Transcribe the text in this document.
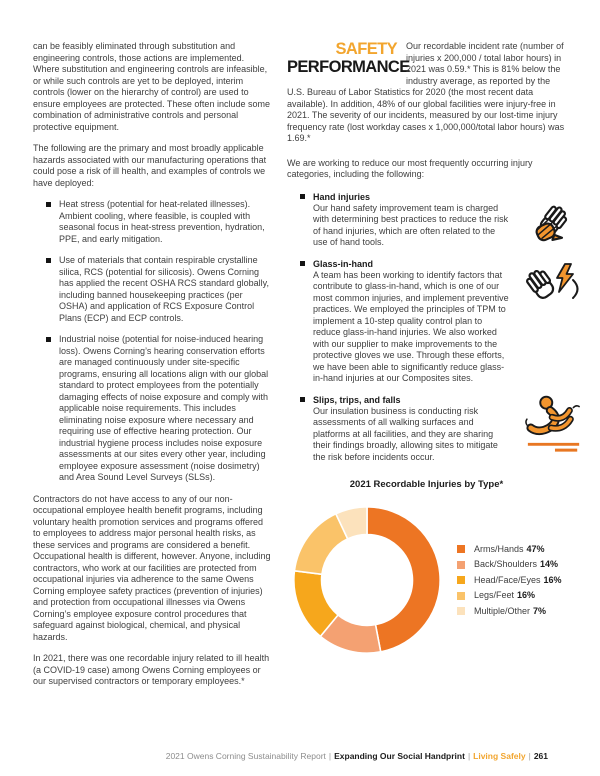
can be feasibly eliminated through substitution and engineering controls, those actions are implemented. Where substitution and engineering controls are infeasible, or while such controls are yet to be deployed, interim controls (lower on the hierarchy of control) are used to ensure employees are protected. These often include some combination of administrative controls and personal protective equipment.

The following are the primary and most broadly applicable hazards associated with our manufacturing operations that could pose a risk of ill health, and examples of controls we have deployed:

Heat stress (potential for heat-related illnesses). Ambient cooling, where feasible, is coupled with seasonal focus in heat-stress prevention, hydration, PPE, and early mitigation.
Use of materials that contain respirable crystalline silica, RCS (potential for silicosis). Owens Corning has applied the recent OSHA RCS standard globally, including banned housekeeping practices (per OSHA) and application of RCS Exposure Control Plans (ECP) and ECP controls.
Industrial noise (potential for noise-induced hearing loss). Owens Corning’s hearing conservation efforts are managed continuously under site-specific programs, ensuring all locations align with our global standard to protect employees from the potentially damaging effects of noise exposure and comply with applicable noise requirements. This includes eliminating noise exposure where necessary and requiring use of effective hearing protection. Our industrial hygiene process includes noise exposure assessments at our sites every other year, including employee exposure assessment (noise dosimetry) and Area Sound Level Surveys (SLSs).

Contractors do not have access to any of our non-occupational employee health benefit programs, including voluntary health promotion services and programs offered to employees to address major personal health risks, as these services and programs are considered a benefit. Occupational health is different, however. Anyone, including contractors, who work at our facilities are protected from occupational injuries via adherence to the same Owens Corning employee safety practices (prevention of injuries) and protection from occupational illnesses via Owens Corning’s employee exposure control procedures that safeguard against biological, chemical, and physical hazards.

In 2021, there was one recordable injury related to ill health (a COVID-19 case) among Owens Corning employees or our supervised contractors or temporary employees.*

SAFETY
PERFORMANCE

Our recordable incident rate (number of injuries x 200,000 / total labor hours) in 2021 was 0.59.* This is 81% below the industry average, as reported by the U.S. Bureau of Labor Statistics for 2020 (the most recent data available). In addition, 48% of our global facilities were injury-free in 2021. The severity of our incidents, measured by our lost-time injury frequency rate (lost workday cases x 1,000,000/total labor hours) was 1.69.*

We are working to reduce our most frequently occurring injury categories, including the following:

Hand injuries
Our hand safety improvement team is charged with determining best practices to reduce the risk of hand injuries, which are often related to the use of hand tools.
Glass-in-hand
A team has been working to identify factors that contribute to glass-in-hand, which is one of our most common injuries, and implement preventive practices. We employed the principles of TPM to implement a 10-step quality control plan to reduce glass-in-hand injuries. We also worked with our supplier to make improvements to the protective gloves we use. Through these efforts, we have been able to significantly reduce glass-in-hand injuries at our Composites sites.
Slips, trips, and falls
Our insulation business is conducting risk assessments of all walking surfaces and platforms at all facilities, and they are sharing their findings broadly, allowing sites to mitigate the risk before incidents occur.
2021 Recordable Injuries by Type*
Arms/Hands 47%
Back/Shoulders 14%
Head/Face/Eyes 16%
Legs/Feet 16%
Multiple/Other 7%
2021 Owens Corning Sustainability Report | Expanding Our Social Handprint | Living Safely | 261
